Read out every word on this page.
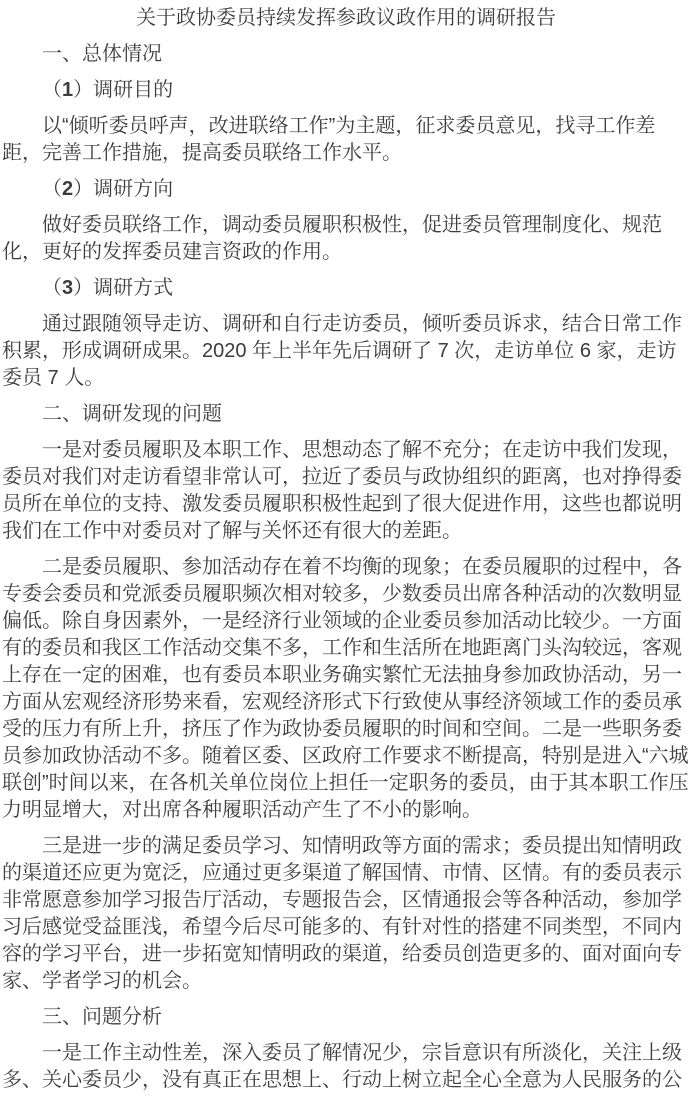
关于政协委员持续发挥参政议政作用的调研报告
一、总体情况
（1）调研目的

以“倾听委员呼声，改进联络工作”为主题，征求委员意见，找寻工作差距，完善工作措施，提高委员联络工作水平。

（2）调研方向

做好委员联络工作，调动委员履职积极性，促进委员管理制度化、规范化，更好的发挥委员建言资政的作用。

（3）调研方式

通过跟随领导走访、调研和自行走访委员，倾听委员诉求，结合日常工作积累，形成调研成果。2020 年上半年先后调研了 7 次，走访单位 6 家，走访委员 7 人。

二、调研发现的问题

一是对委员履职及本职工作、思想动态了解不充分；在走访中我们发现，委员对我们对走访看望非常认可，拉近了委员与政协组织的距离，也对挣得委员所在单位的支持、激发委员履职积极性起到了很大促进作用，这些也都说明我们在工作中对委员对了解与关怀还有很大的差距。

二是委员履职、参加活动存在着不均衡的现象；在委员履职的过程中，各专委会委员和党派委员履职频次相对较多，少数委员出席各种活动的次数明显偏低。除自身因素外，一是经济行业领域的企业委员参加活动比较少。一方面有的委员和我区工作活动交集不多，工作和生活所在地距离门头沟较远，客观上存在一定的困难，也有委员本职业务确实繁忙无法抽身参加政协活动，另一方面从宏观经济形势来看，宏观经济形式下行致使从事经济领域工作的委员承受的压力有所上升，挤压了作为政协委员履职的时间和空间。二是一些职务委员参加政协活动不多。随着区委、区政府工作要求不断提高，特别是进入“六城联创”时间以来，在各机关单位岗位上担任一定职务的委员，由于其本职工作压力明显增大，对出席各种履职活动产生了不小的影响。

三是进一步的满足委员学习、知情明政等方面的需求；委员提出知情明政的渠道还应更为宽泛，应通过更多渠道了解国情、市情、区情。有的委员表示非常愿意参加学习报告厅活动，专题报告会，区情通报会等各种活动，参加学习后感觉受益匪浅，希望今后尽可能多的、有针对性的搭建不同类型，不同内容的学习平台，进一步拓宽知情明政的渠道，给委员创造更多的、面对面向专家、学者学习的机会。

三、问题分析

一是工作主动性差，深入委员了解情况少，宗旨意识有所淡化，关注上级多、关心委员少，没有真正在思想上、行动上树立起全心全意为人民服务的公
